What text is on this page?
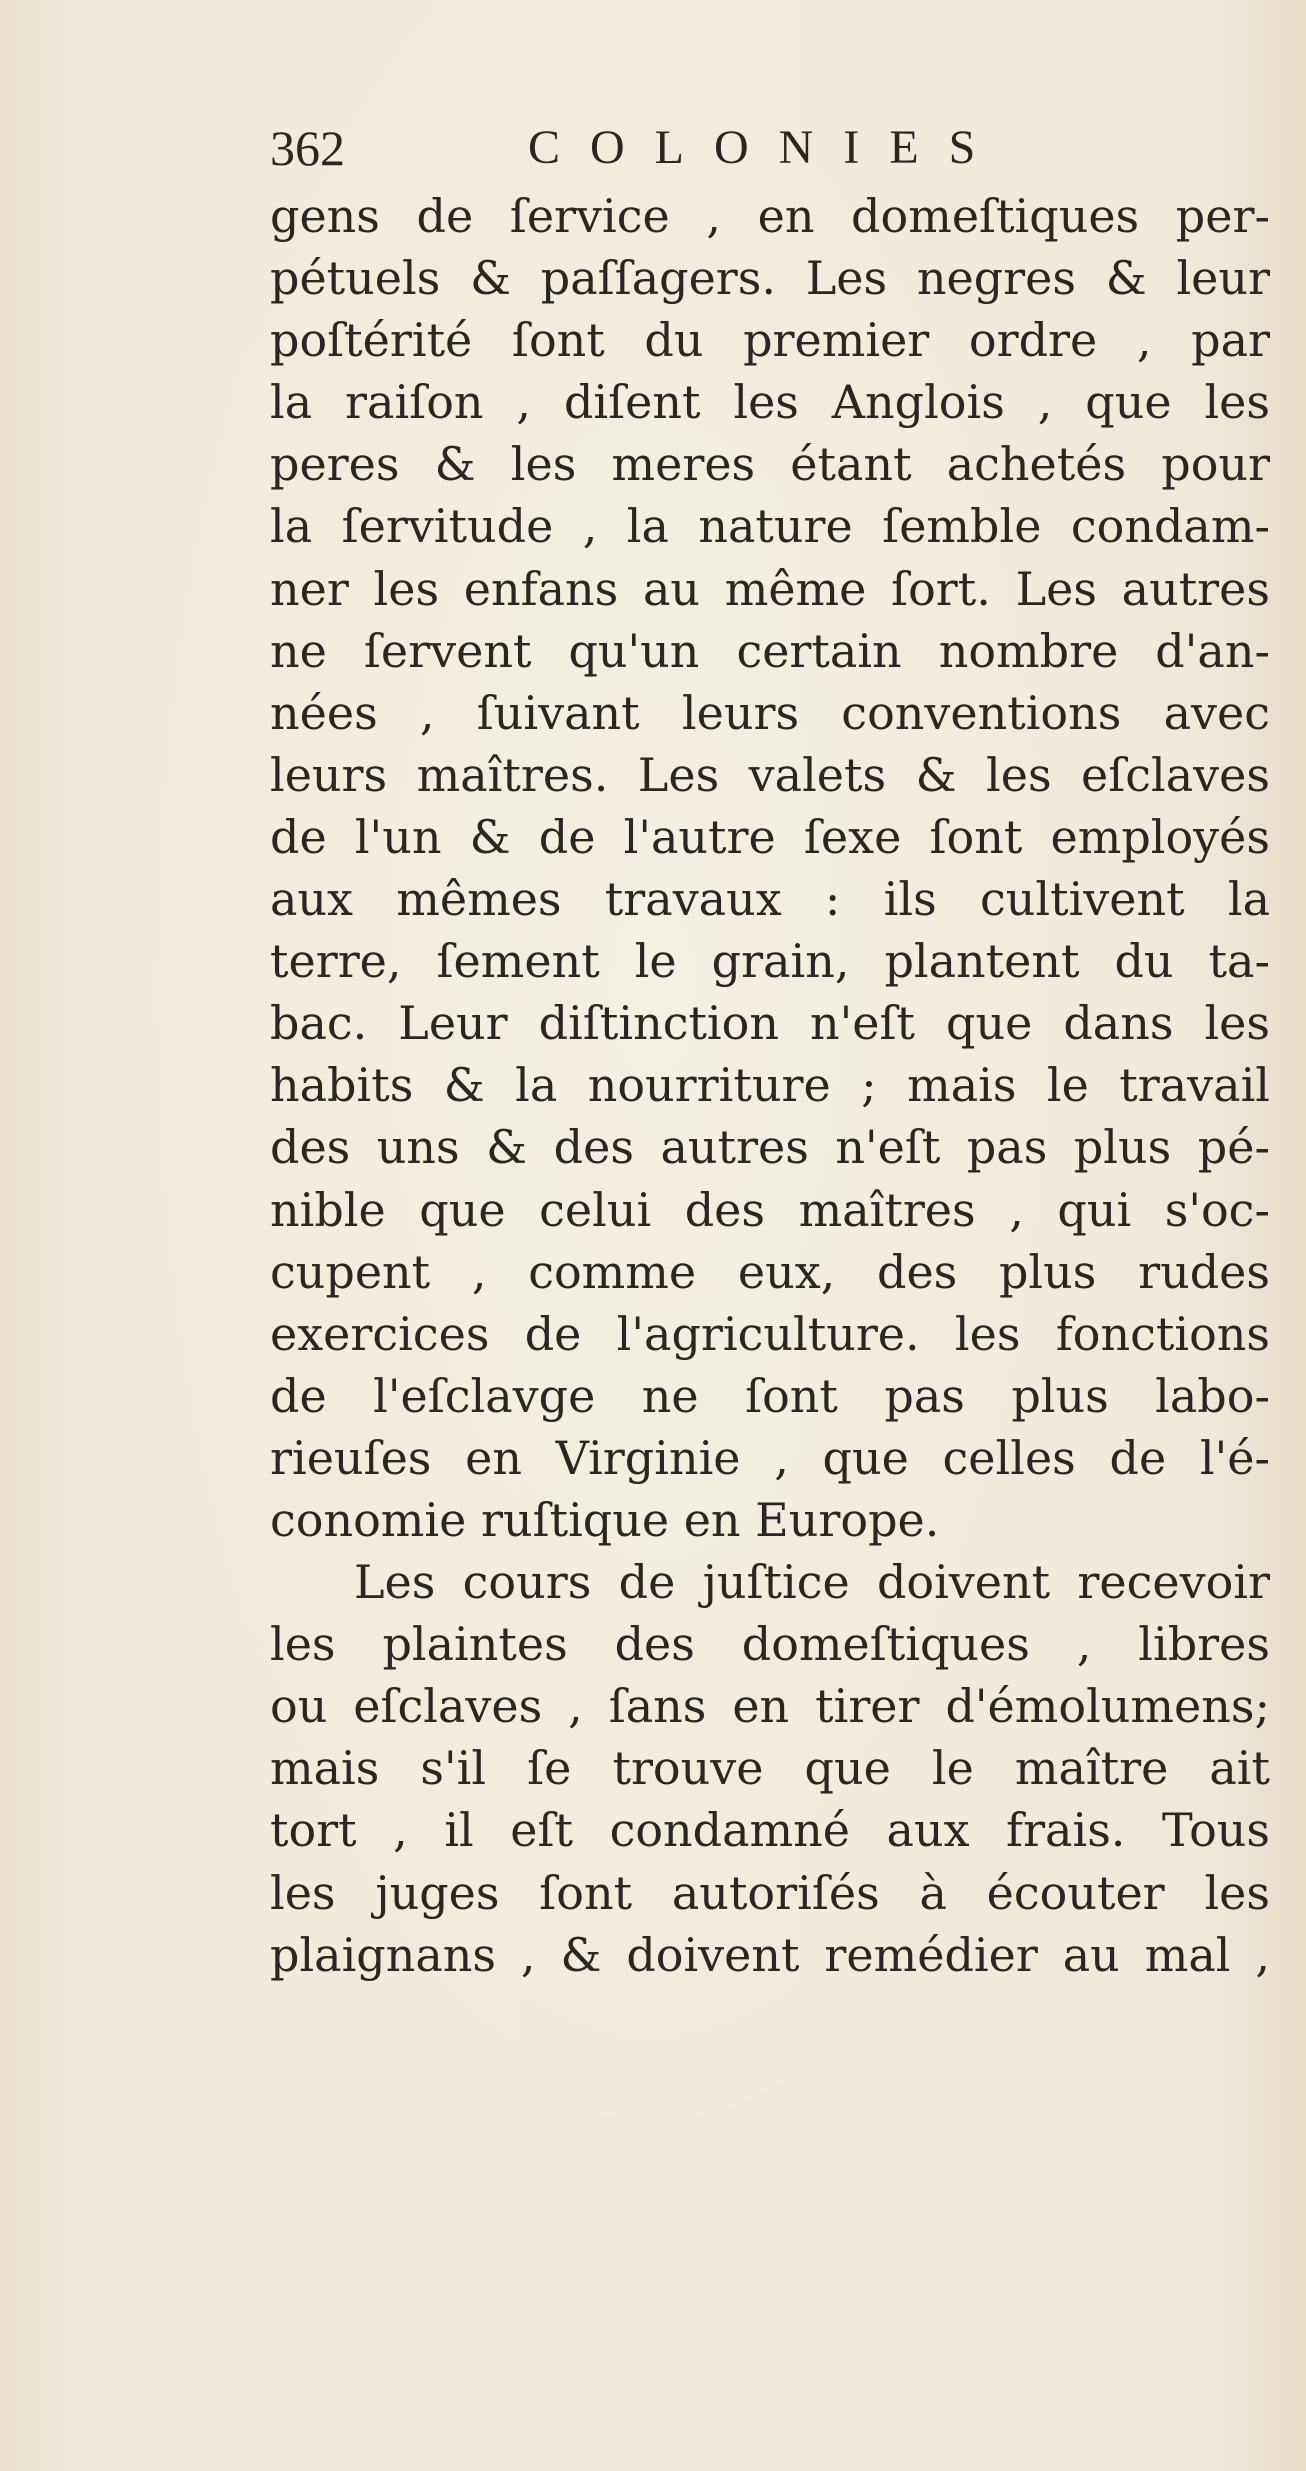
362	COLONIES
gens de ſervice , en domeſtiques per-
pétuels & paſſagers. Les negres & leur
poſtérité ſont du premier ordre , par
la raiſon , diſent les Anglois , que les
peres & les meres étant achetés pour
la ſervitude , la nature ſemble condam-
ner les enfans au même ſort. Les autres
ne ſervent qu'un certain nombre d'an-
nées , ſuivant leurs conventions avec
leurs maîtres. Les valets & les eſclaves
de l'un & de l'autre ſexe ſont employés
aux mêmes travaux : ils cultivent la
terre, ſement le grain, plantent du ta-
bac. Leur diſtinction n'eſt que dans les
habits & la nourriture ; mais le travail
des uns & des autres n'eſt pas plus pé-
nible que celui des maîtres , qui s'oc-
cupent , comme eux, des plus rudes
exercices de l'agriculture. les fonctions
de l'eſclavge ne ſont pas plus labo-
rieuſes en Virginie , que celles de l'é-
conomie ruſtique en Europe.
Les cours de juſtice doivent recevoir
les plaintes des domeſtiques , libres
ou eſclaves , ſans en tirer d'émolumens;
mais s'il ſe trouve que le maître ait
tort , il eſt condamné aux frais. Tous
les juges ſont autoriſés à écouter les
plaignans , & doivent remédier au mal ,
